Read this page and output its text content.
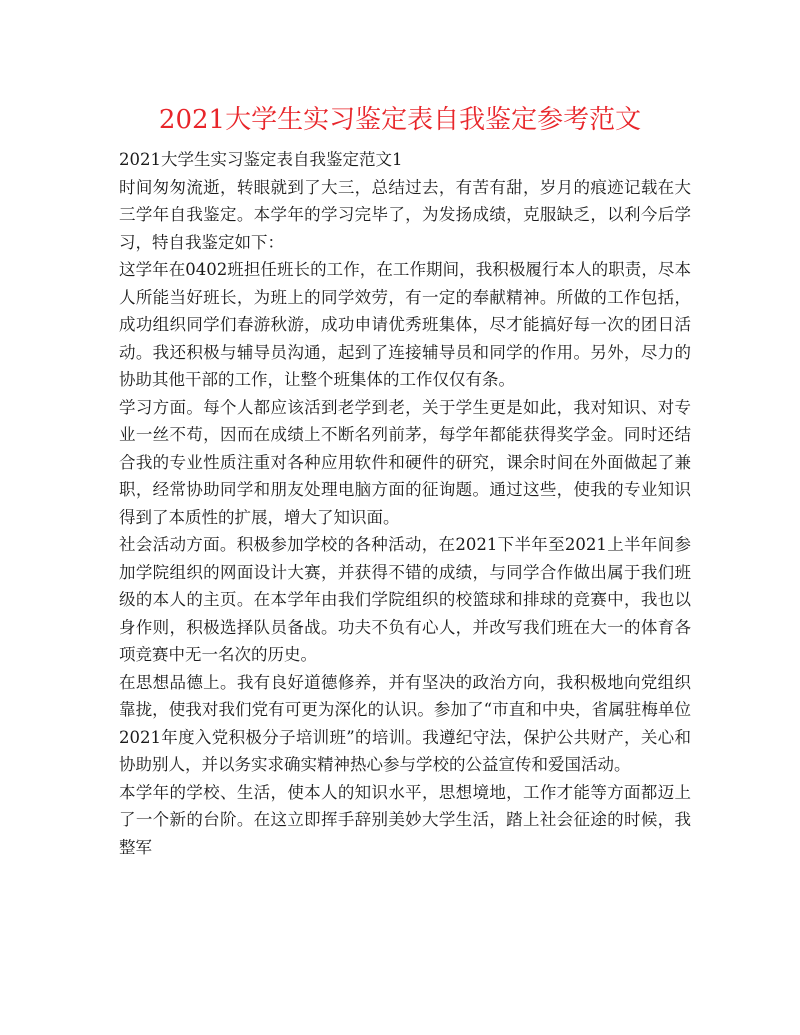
2021大学生实习鉴定表自我鉴定参考范文

2021大学生实习鉴定表自我鉴定范文1

时间匆匆流逝，转眼就到了大三，总结过去，有苦有甜，岁月的痕迹记载在大三学年自我鉴定。本学年的学习完毕了，为发扬成绩，克服缺乏，以利今后学习，特自我鉴定如下：

这学年在0402班担任班长的工作，在工作期间，我积极履行本人的职责，尽本人所能当好班长，为班上的同学效劳，有一定的奉献精神。所做的工作包括，成功组织同学们春游秋游，成功申请优秀班集体，尽才能搞好每一次的团日活动。我还积极与辅导员沟通，起到了连接辅导员和同学的作用。另外，尽力的协助其他干部的工作，让整个班集体的工作仅仅有条。

学习方面。每个人都应该活到老学到老，关于学生更是如此，我对知识、对专业一丝不苟，因而在成绩上不断名列前茅，每学年都能获得奖学金。同时还结合我的专业性质注重对各种应用软件和硬件的研究，课余时间在外面做起了兼职，经常协助同学和朋友处理电脑方面的征询题。通过这些，使我的专业知识得到了本质性的扩展，增大了知识面。

社会活动方面。积极参加学校的各种活动，在2021下半年至2021上半年间参加学院组织的网面设计大赛，并获得不错的成绩，与同学合作做出属于我们班级的本人的主页。在本学年由我们学院组织的校篮球和排球的竞赛中，我也以身作则，积极选择队员备战。功夫不负有心人，并改写我们班在大一的体育各项竞赛中无一名次的历史。

在思想品德上。我有良好道德修养，并有坚决的政治方向，我积极地向党组织靠拢，使我对我们党有可更为深化的认识。参加了“市直和中央，省属驻梅单位2021年度入党积极分子培训班”的培训。我遵纪守法，保护公共财产，关心和协助别人，并以务实求确实精神热心参与学校的公益宣传和爱国活动。

本学年的学校、生活，使本人的知识水平，思想境地，工作才能等方面都迈上了一个新的台阶。在这立即挥手辞别美妙大学生活，踏上社会征途的时候，我整军
